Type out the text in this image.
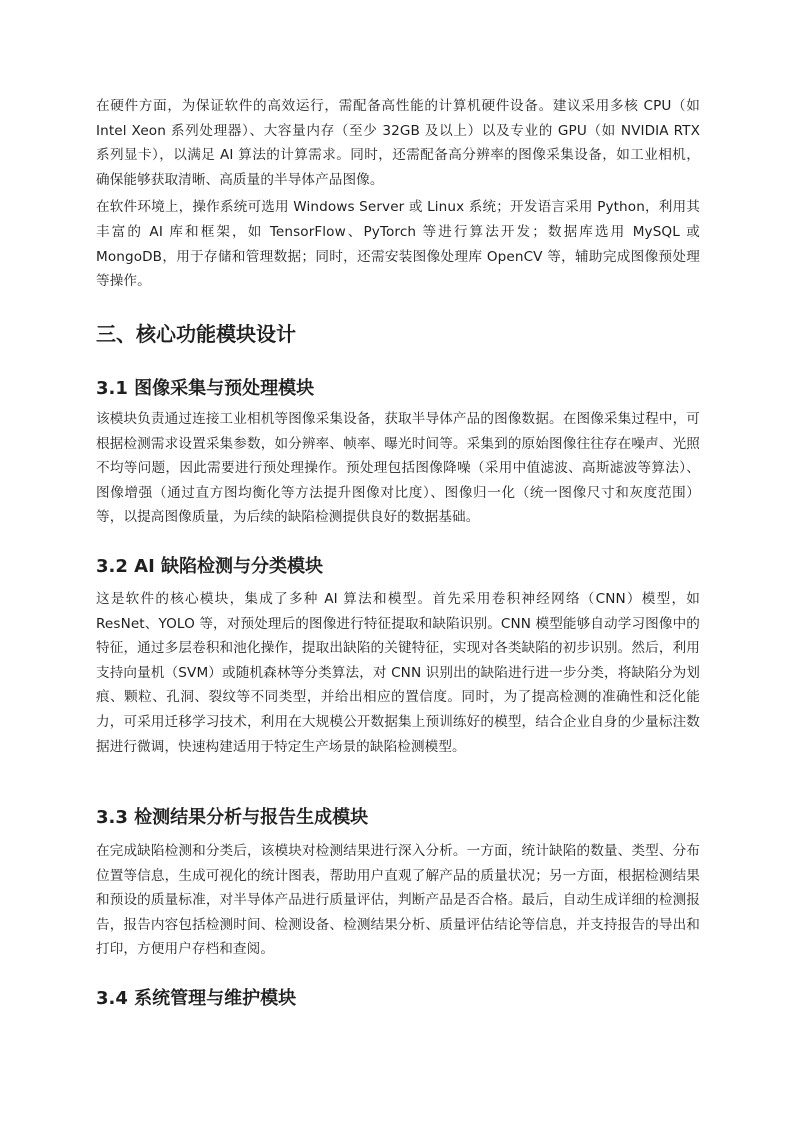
在硬件方面，为保证软件的高效运行，需配备高性能的计算机硬件设备。建议采用多核 CPU（如 Intel Xeon 系列处理器）、大容量内存（至少 32GB 及以上）以及专业的 GPU（如 NVIDIA RTX 系列显卡），以满足 AI 算法的计算需求。同时，还需配备高分辨率的图像采集设备，如工业相机，确保能够获取清晰、高质量的半导体产品图像。

在软件环境上，操作系统可选用 Windows Server 或 Linux 系统；开发语言采用 Python，利用其丰富的 AI 库和框架，如 TensorFlow、PyTorch 等进行算法开发；数据库选用 MySQL 或 MongoDB，用于存储和管理数据；同时，还需安装图像处理库 OpenCV 等，辅助完成图像预处理等操作。

三、核心功能模块设计
3.1 图像采集与预处理模块

该模块负责通过连接工业相机等图像采集设备，获取半导体产品的图像数据。在图像采集过程中，可根据检测需求设置采集参数，如分辨率、帧率、曝光时间等。采集到的原始图像往往存在噪声、光照不均等问题，因此需要进行预处理操作。预处理包括图像降噪（采用中值滤波、高斯滤波等算法）、图像增强（通过直方图均衡化等方法提升图像对比度）、图像归一化（统一图像尺寸和灰度范围）等，以提高图像质量，为后续的缺陷检测提供良好的数据基础。

3.2 AI 缺陷检测与分类模块

这是软件的核心模块，集成了多种 AI 算法和模型。首先采用卷积神经网络（CNN）模型，如 ResNet、YOLO 等，对预处理后的图像进行特征提取和缺陷识别。CNN 模型能够自动学习图像中的特征，通过多层卷积和池化操作，提取出缺陷的关键特征，实现对各类缺陷的初步识别。然后，利用支持向量机（SVM）或随机森林等分类算法，对 CNN 识别出的缺陷进行进一步分类，将缺陷分为划痕、颗粒、孔洞、裂纹等不同类型，并给出相应的置信度。同时，为了提高检测的准确性和泛化能力，可采用迁移学习技术，利用在大规模公开数据集上预训练好的模型，结合企业自身的少量标注数据进行微调，快速构建适用于特定生产场景的缺陷检测模型。

3.3 检测结果分析与报告生成模块

在完成缺陷检测和分类后，该模块对检测结果进行深入分析。一方面，统计缺陷的数量、类型、分布位置等信息，生成可视化的统计图表，帮助用户直观了解产品的质量状况；另一方面，根据检测结果和预设的质量标准，对半导体产品进行质量评估，判断产品是否合格。最后，自动生成详细的检测报告，报告内容包括检测时间、检测设备、检测结果分析、质量评估结论等信息，并支持报告的导出和打印，方便用户存档和查阅。

3.4 系统管理与维护模块
